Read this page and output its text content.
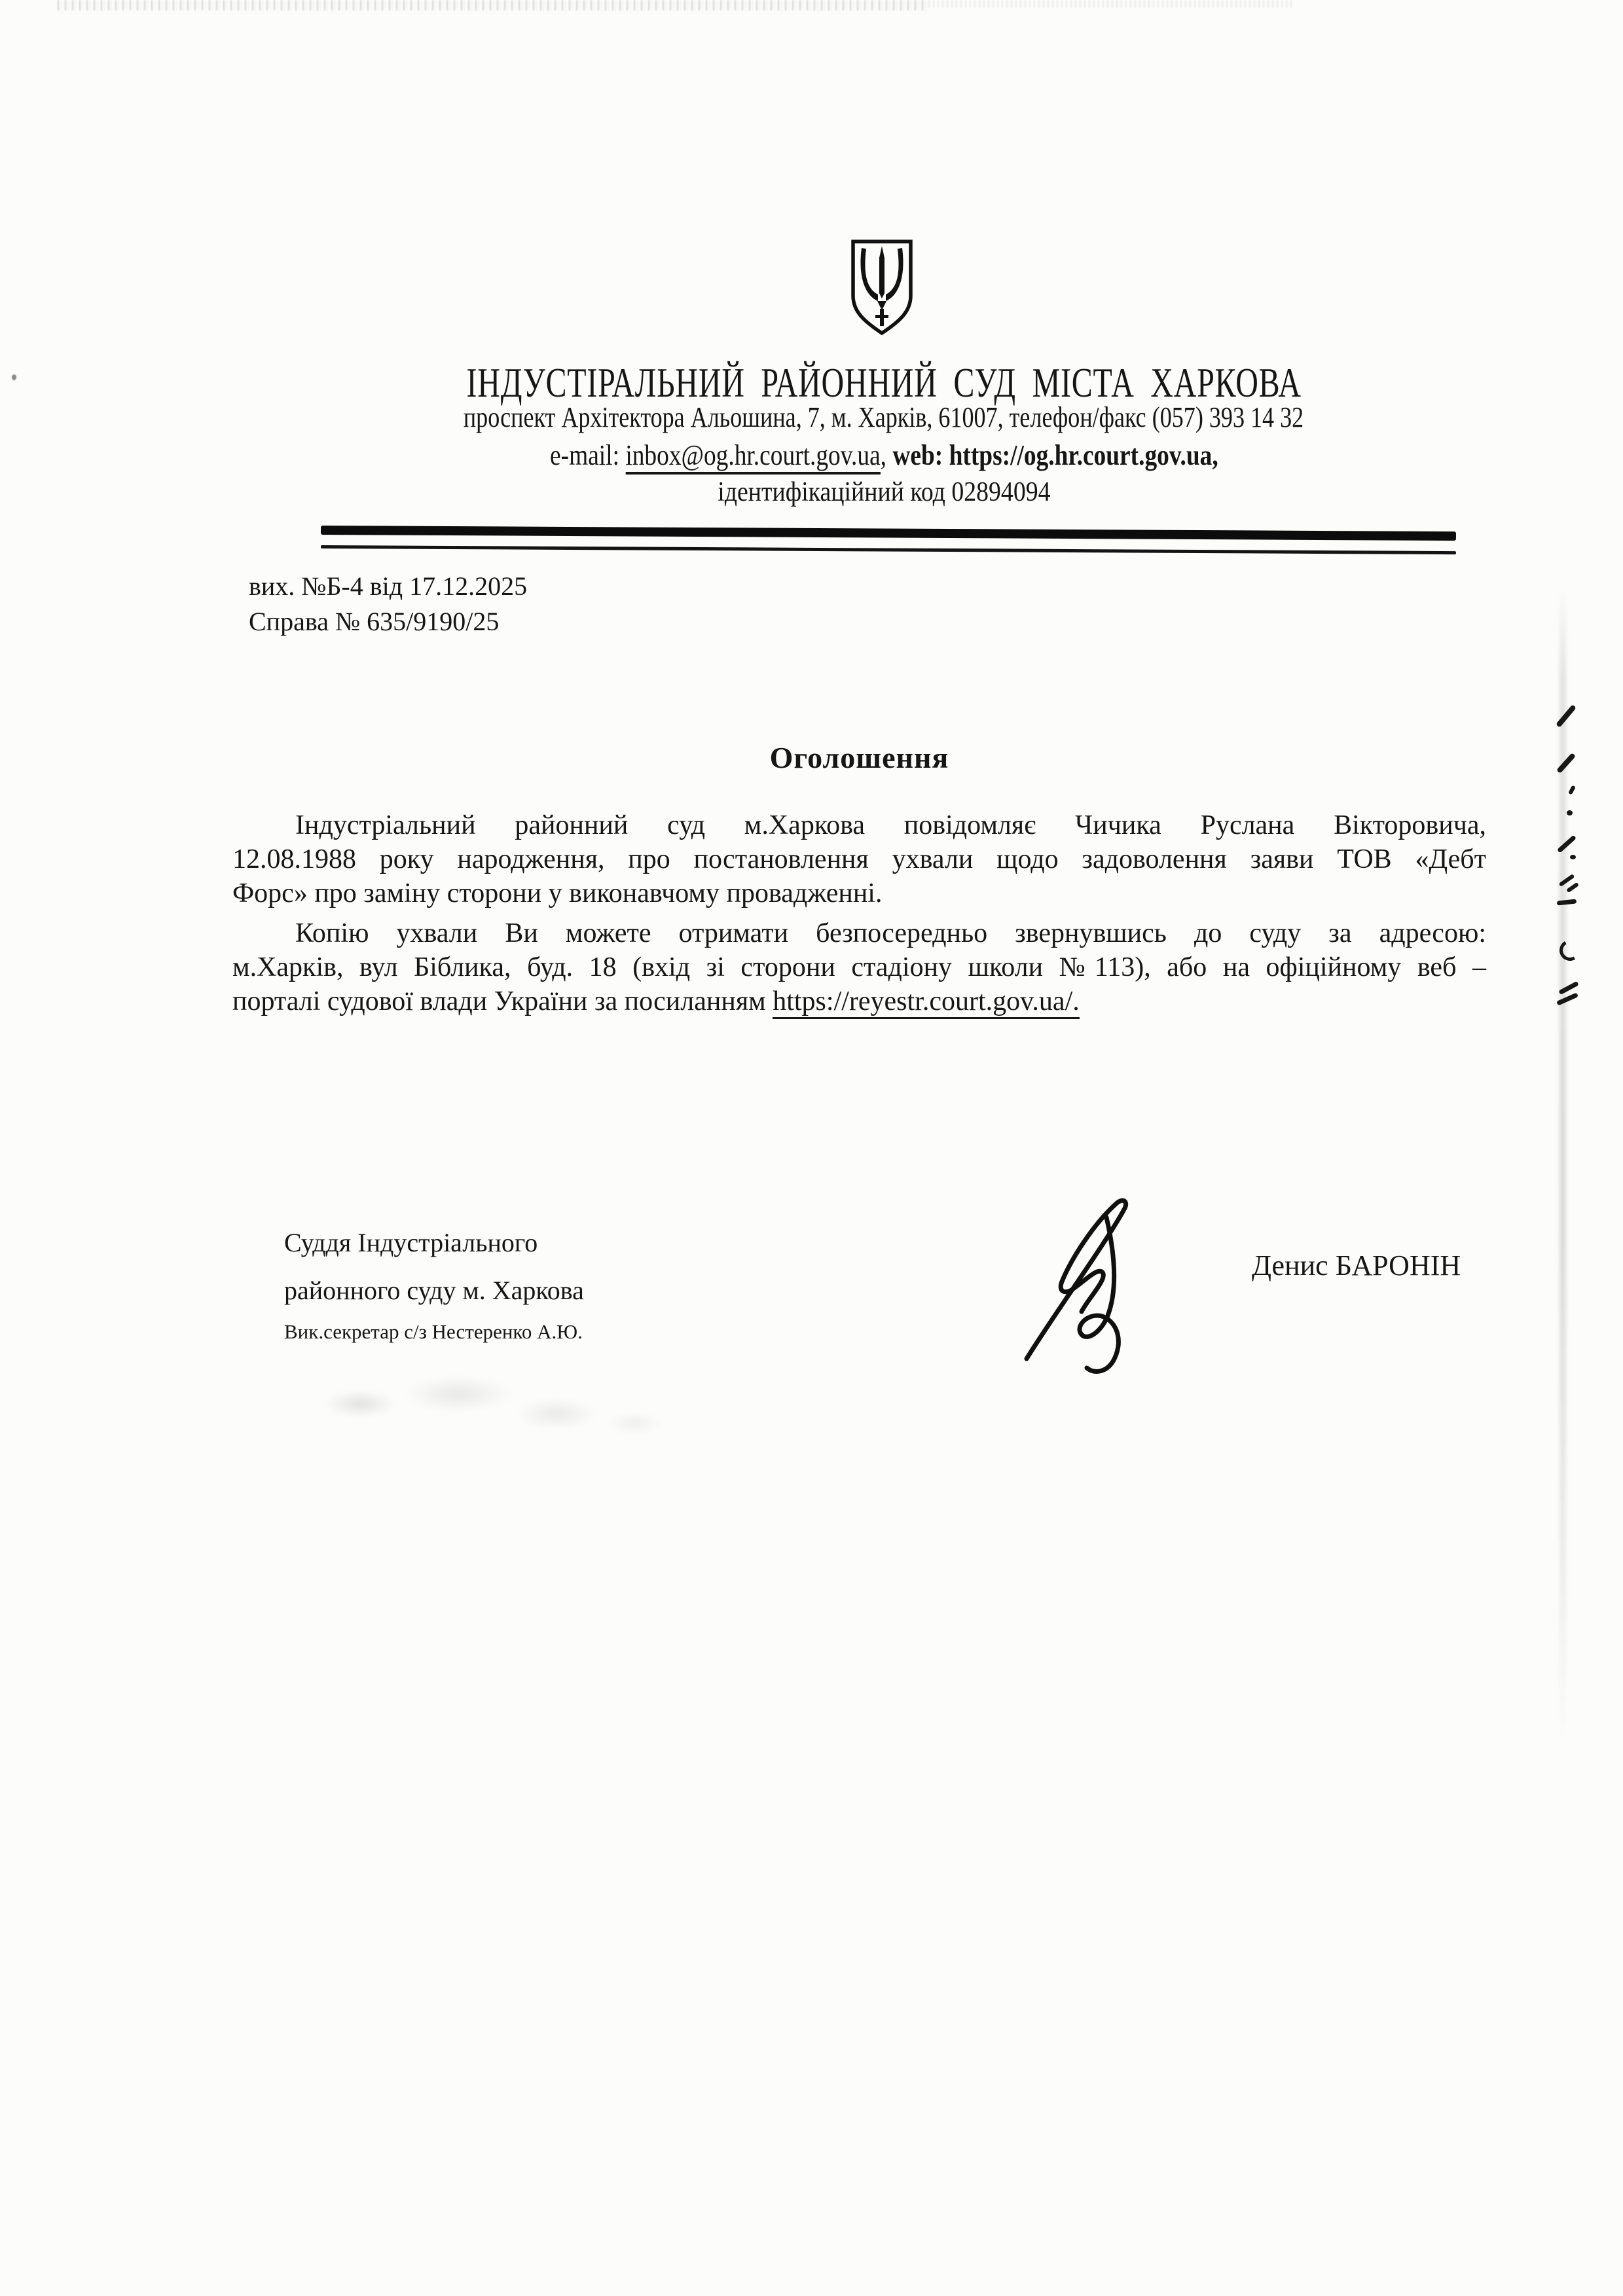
ІНДУСТІРАЛЬНИЙ РАЙОННИЙ СУД МІСТА ХАРКОВА
проспект Архітектора Альошина, 7, м. Харків, 61007, телефон/факс (057) 393 14 32
e-mail: inbox@og.hr.court.gov.ua, web: https://og.hr.court.gov.ua,
ідентифікаційний код 02894094
вих. №Б-4 від 17.12.2025
Справа № 635/9190/25
Оголошення
Індустріальний районний суд м.Харкова повідомляє Чичика Руслана Вікторовича,
12.08.1988 року народження, про постановлення ухвали щодо задоволення заяви ТОВ «Дебт
Форс» про заміну сторони у виконавчому провадженні.
Копію ухвали Ви можете отримати безпосередньо звернувшись до суду за адресою:
м.Харків, вул Біблика, буд. 18 (вхід зі сторони стадіону школи №113), або на офіційному веб –
порталі судової влади України за посиланням https://reyestr.court.gov.ua/.
Суддя Індустріального
районного суду м. Харкова
Вик.секретар с/з Нестеренко А.Ю.
Денис БАРОНІН
